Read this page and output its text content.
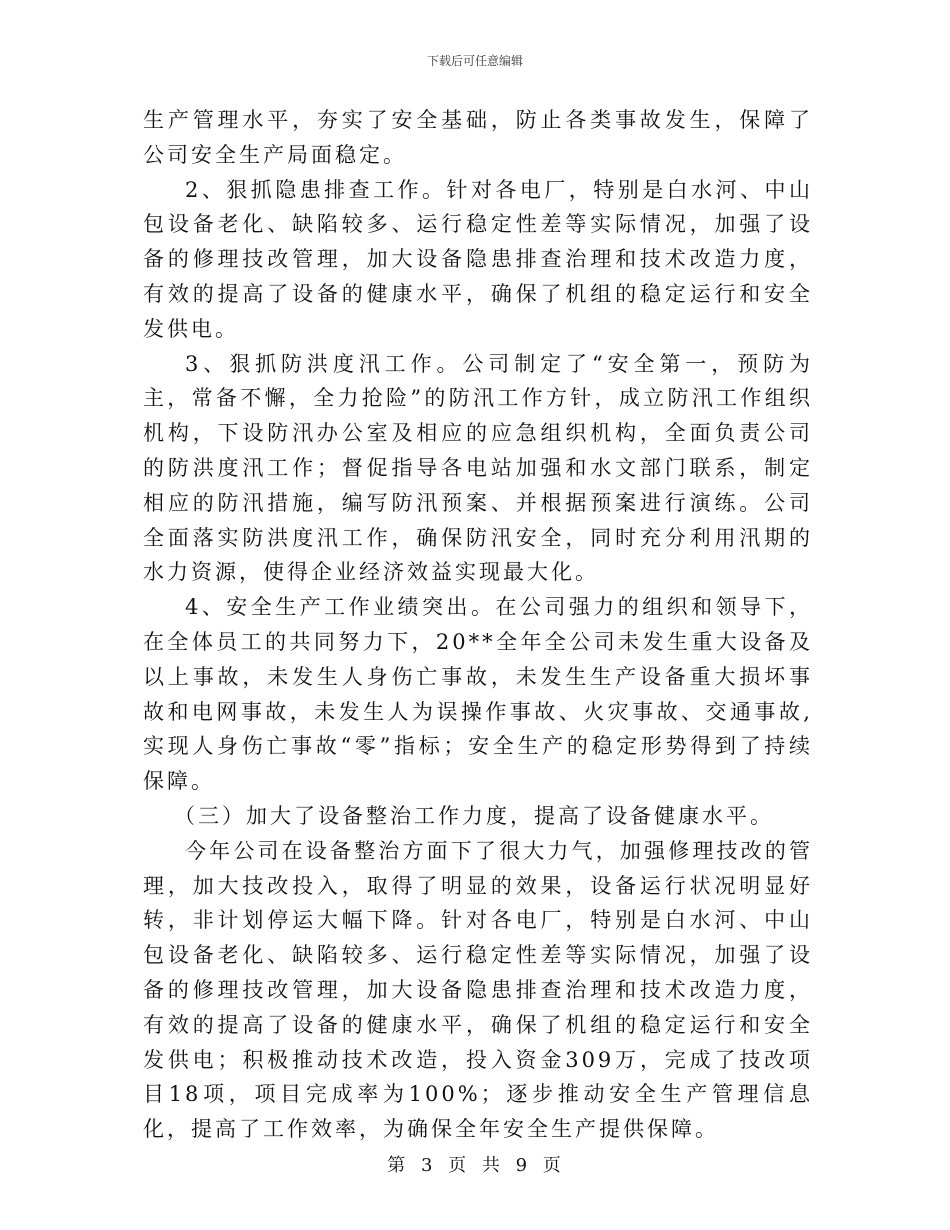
下载后可任意编辑

生产管理水平，夯实了安全基础，防止各类事故发生，保障了公司安全生产局面稳定。

2、狠抓隐患排查工作。针对各电厂，特别是白水河、中山包设备老化、缺陷较多、运行稳定性差等实际情况，加强了设备的修理技改管理，加大设备隐患排查治理和技术改造力度，有效的提高了设备的健康水平，确保了机组的稳定运行和安全发供电。

3、狠抓防洪度汛工作。公司制定了“安全第一，预防为主，常备不懈，全力抢险”的防汛工作方针，成立防汛工作组织机构，下设防汛办公室及相应的应急组织机构，全面负责公司的防洪度汛工作；督促指导各电站加强和水文部门联系，制定相应的防汛措施，编写防汛预案、并根据预案进行演练。公司全面落实防洪度汛工作，确保防汛安全，同时充分利用汛期的水力资源，使得企业经济效益实现最大化。

4、安全生产工作业绩突出。在公司强力的组织和领导下，在全体员工的共同努力下，20**全年全公司未发生重大设备及以上事故，未发生人身伤亡事故，未发生生产设备重大损坏事故和电网事故，未发生人为误操作事故、火灾事故、交通事故,实现人身伤亡事故“零”指标；安全生产的稳定形势得到了持续保障。

（三）加大了设备整治工作力度，提高了设备健康水平。

今年公司在设备整治方面下了很大力气，加强修理技改的管理，加大技改投入，取得了明显的效果，设备运行状况明显好转，非计划停运大幅下降。针对各电厂，特别是白水河、中山包设备老化、缺陷较多、运行稳定性差等实际情况，加强了设备的修理技改管理，加大设备隐患排查治理和技术改造力度，有效的提高了设备的健康水平，确保了机组的稳定运行和安全发供电；积极推动技术改造，投入资金309万，完成了技改项目18项，项目完成率为100%；逐步推动安全生产管理信息化，提高了工作效率，为确保全年安全生产提供保障。

第 3 页 共 9 页
